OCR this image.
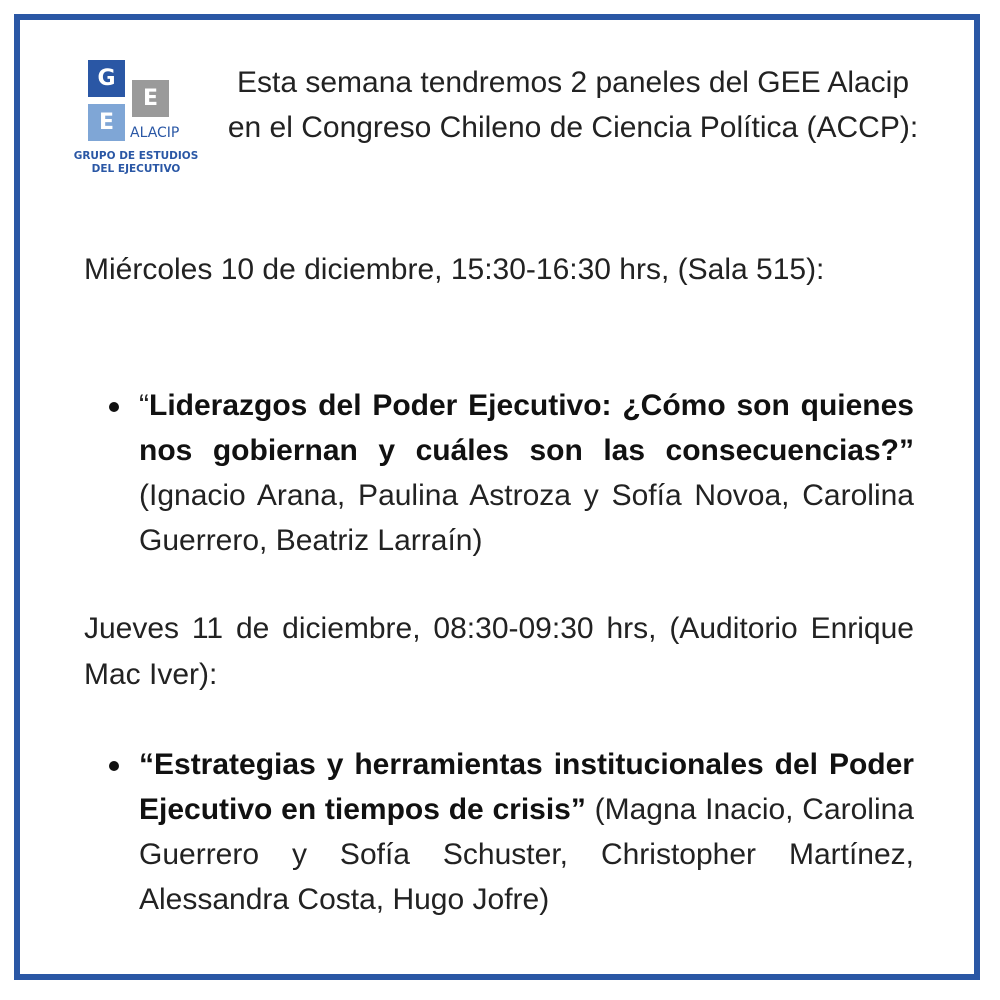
G
E
E	ALACIP
GRUPO DE ESTUDIOS
DEL EJECUTIVO
Esta semana tendremos 2 paneles del GEE Alacip en el Congreso Chileno de Ciencia Política (ACCP):
Miércoles 10 de diciembre, 15:30-16:30 hrs, (Sala 515):
“Liderazgos del Poder Ejecutivo: ¿Cómo son quienes nos gobiernan y cuáles son las consecuencias?” (Ignacio Arana, Paulina Astroza y Sofía Novoa, Carolina Guerrero, Beatriz Larraín)
Jueves 11 de diciembre, 08:30-09:30 hrs, (Auditorio Enrique Mac Iver):
“Estrategias y herramientas institucionales del Poder Ejecutivo en tiempos de crisis” (Magna Inacio, Carolina Guerrero y Sofía Schuster, Christopher Martínez, Alessandra Costa, Hugo Jofre)
